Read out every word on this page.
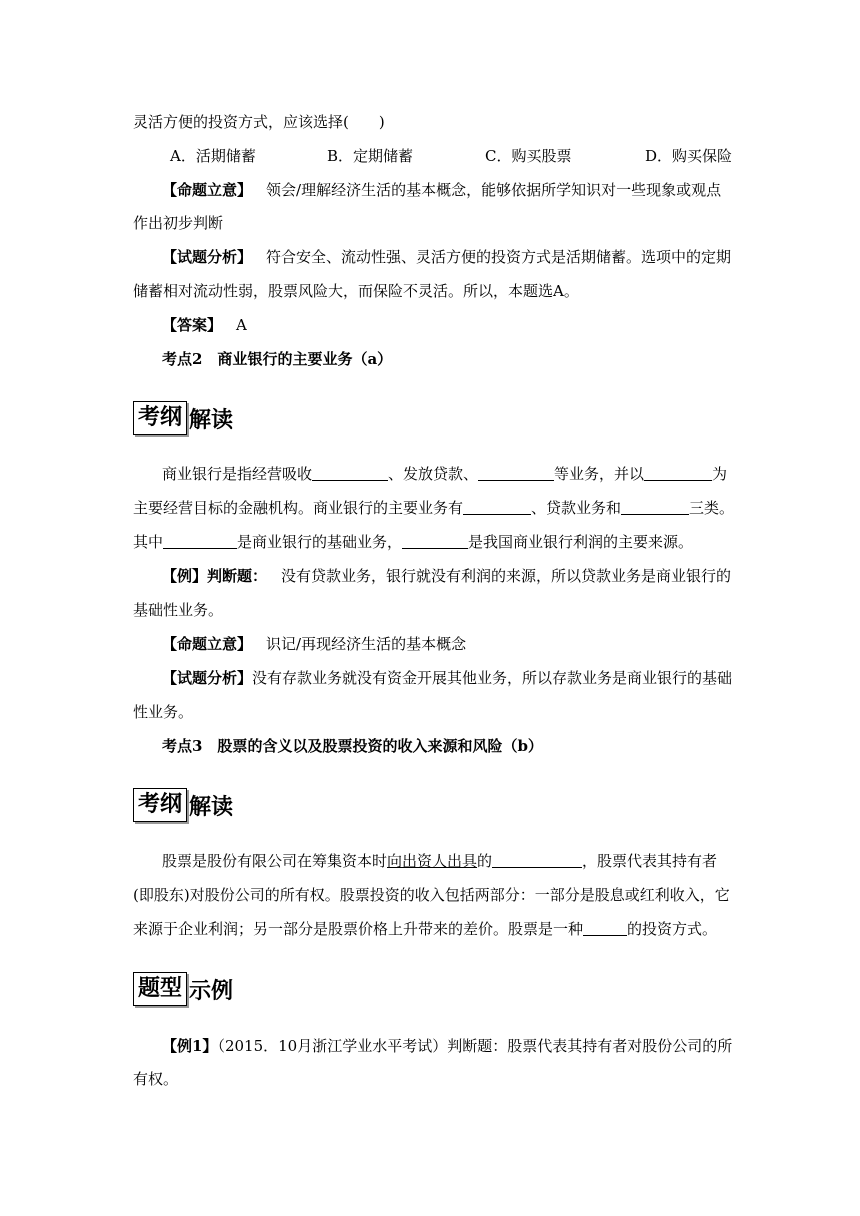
灵活方便的投资方式，应该选择(　　)
A．活期储蓄	B．定期储蓄	C．购买股票	D．购买保险
【命题立意】 领会/理解经济生活的基本概念，能够依据所学知识对一些现象或观点
作出初步判断
【试题分析】 符合安全、流动性强、灵活方便的投资方式是活期储蓄。选项中的定期
储蓄相对流动性弱，股票风险大，而保险不灵活。所以，本题选A。
【答案】 A
考点2　商业银行的主要业务（a）
考纲 解读
商业银行是指经营吸收	、发放贷款、	等业务，并以	为
主要经营目标的金融机构。商业银行的主要业务有	、贷款业务和	三类。
其中	是商业银行的基础业务，	是我国商业银行利润的主要来源。
【例】判断题： 没有贷款业务，银行就没有利润的来源，所以贷款业务是商业银行的
基础性业务。
【命题立意】 识记/再现经济生活的基本概念
【试题分析】没有存款业务就没有资金开展其他业务，所以存款业务是商业银行的基础
性业务。
考点3　股票的含义以及股票投资的收入来源和风险（b）
考纲 解读
股票是股份有限公司在筹集资本时向出资人出具的	，股票代表其持有者
(即股东)对股份公司的所有权。股票投资的收入包括两部分：一部分是股息或红利收入，它
来源于企业利润；另一部分是股票价格上升带来的差价。股票是一种	的投资方式。
题型 示例
【例1】（2015．10月浙江学业水平考试）判断题：股票代表其持有者对股份公司的所
有权。
